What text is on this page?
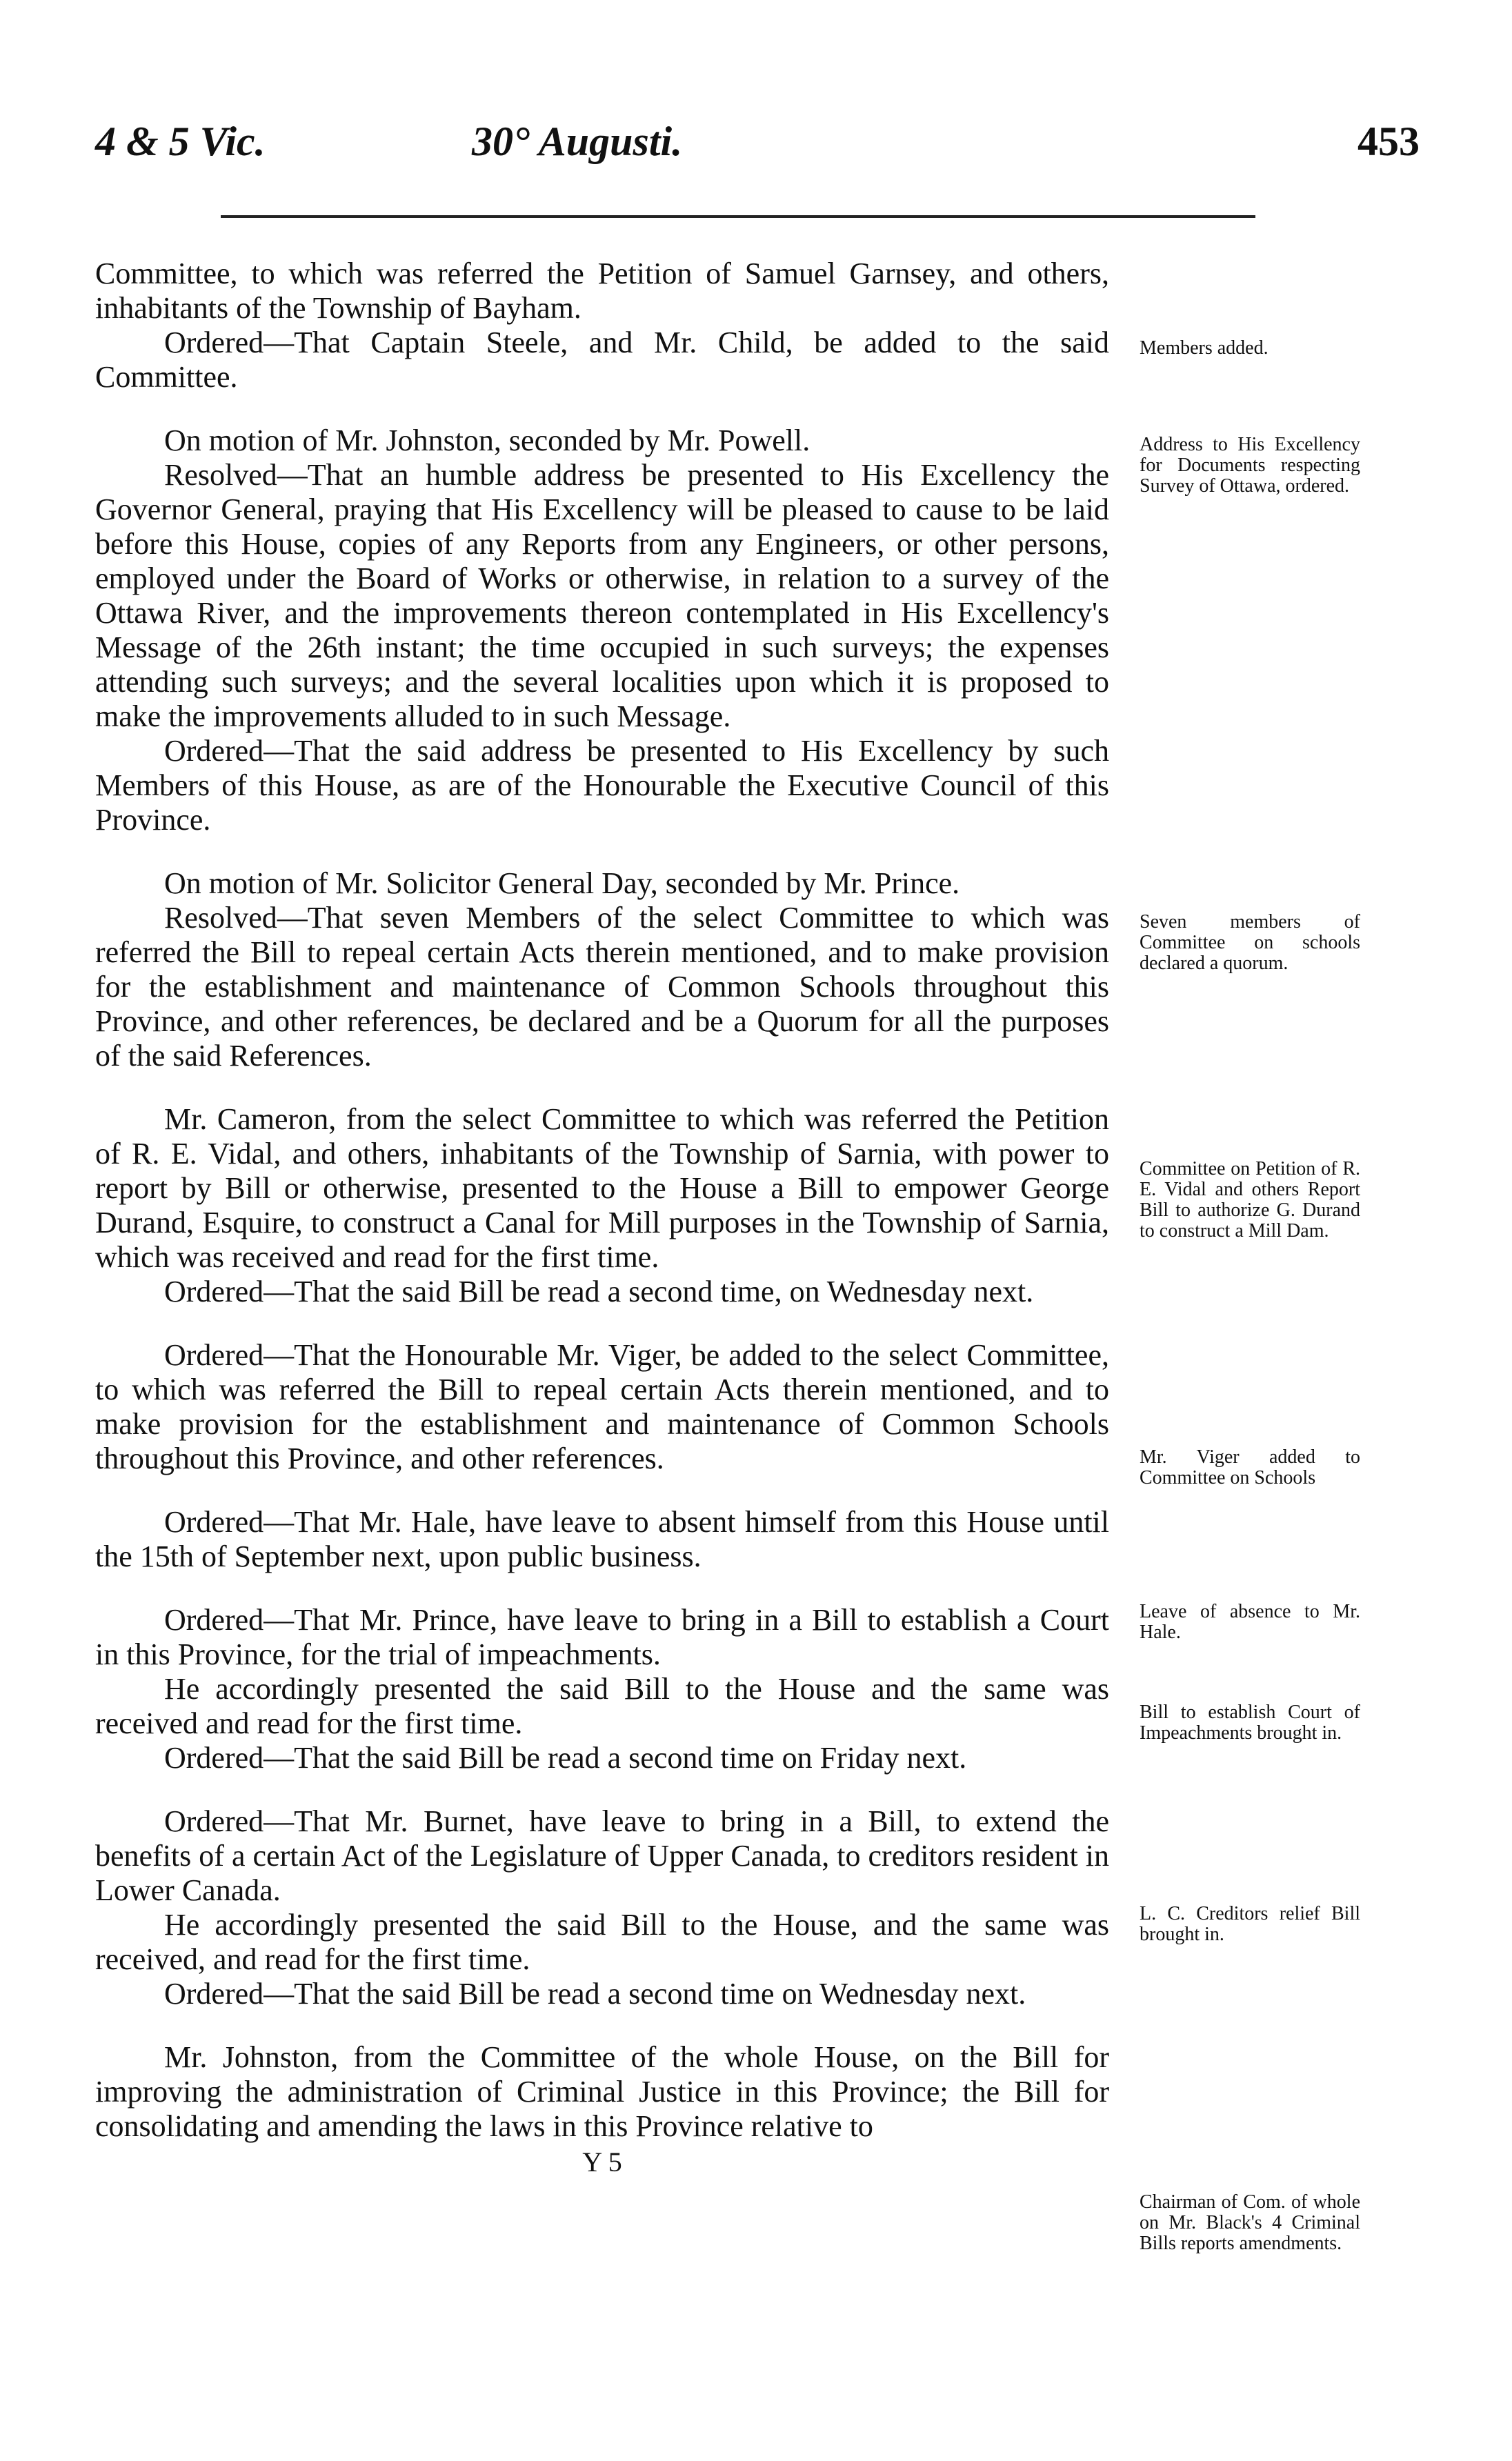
4 & 5 Vic.	30° Augusti.	453

Committee, to which was referred the Petition of Samuel Garnsey, and others, inhabitants of the Township of Bayham.

Ordered—That Captain Steele, and Mr. Child, be added to the said Committee.

On motion of Mr. Johnston, seconded by Mr. Powell.

Resolved—That an humble address be presented to His Excellency the Governor General, praying that His Excellency will be pleased to cause to be laid before this House, copies of any Reports from any Engineers, or other persons, employed under the Board of Works or otherwise, in relation to a survey of the Ottawa River, and the improvements thereon contemplated in His Excellency's Message of the 26th instant; the time occupied in such surveys; the expenses attending such surveys; and the several localities upon which it is proposed to make the improvements alluded to in such Message.

Ordered—That the said address be presented to His Excellency by such Members of this House, as are of the Honourable the Executive Council of this Province.

On motion of Mr. Solicitor General Day, seconded by Mr. Prince.

Resolved—That seven Members of the select Committee to which was referred the Bill to repeal certain Acts therein mentioned, and to make provision for the establishment and maintenance of Common Schools throughout this Province, and other references, be declared and be a Quorum for all the purposes of the said References.

Mr. Cameron, from the select Committee to which was referred the Petition of R. E. Vidal, and others, inhabitants of the Township of Sarnia, with power to report by Bill or otherwise, presented to the House a Bill to empower George Durand, Esquire, to construct a Canal for Mill purposes in the Township of Sarnia, which was received and read for the first time.

Ordered—That the said Bill be read a second time, on Wednesday next.

Ordered—That the Honourable Mr. Viger, be added to the select Committee, to which was referred the Bill to repeal certain Acts therein mentioned, and to make provision for the establishment and maintenance of Common Schools throughout this Province, and other references.

Ordered—That Mr. Hale, have leave to absent himself from this House until the 15th of September next, upon public business.

Ordered—That Mr. Prince, have leave to bring in a Bill to establish a Court in this Province, for the trial of impeachments.

He accordingly presented the said Bill to the House and the same was received and read for the first time.

Ordered—That the said Bill be read a second time on Friday next.

Ordered—That Mr. Burnet, have leave to bring in a Bill, to extend the benefits of a certain Act of the Legislature of Upper Canada, to creditors resident in Lower Canada.

He accordingly presented the said Bill to the House, and the same was received, and read for the first time.

Ordered—That the said Bill be read a second time on Wednesday next.

Mr. Johnston, from the Committee of the whole House, on the Bill for improving the administration of Criminal Justice in this Province; the Bill for consolidating and amending the laws in this Province relative to

Y 5

Members added.
Address to His Excellency for Documents respecting Survey of Ottawa, ordered.
Seven members of Committee on schools declared a quorum.
Committee on Petition of R. E. Vidal and others Report Bill to authorize G. Durand to construct a Mill Dam.
Mr. Viger added to Committee on Schools
Leave of absence to Mr. Hale.
Bill to establish Court of Impeachments brought in.
L. C. Creditors relief Bill brought in.
Chairman of Com. of whole on Mr. Black's 4 Criminal Bills reports amendments.
